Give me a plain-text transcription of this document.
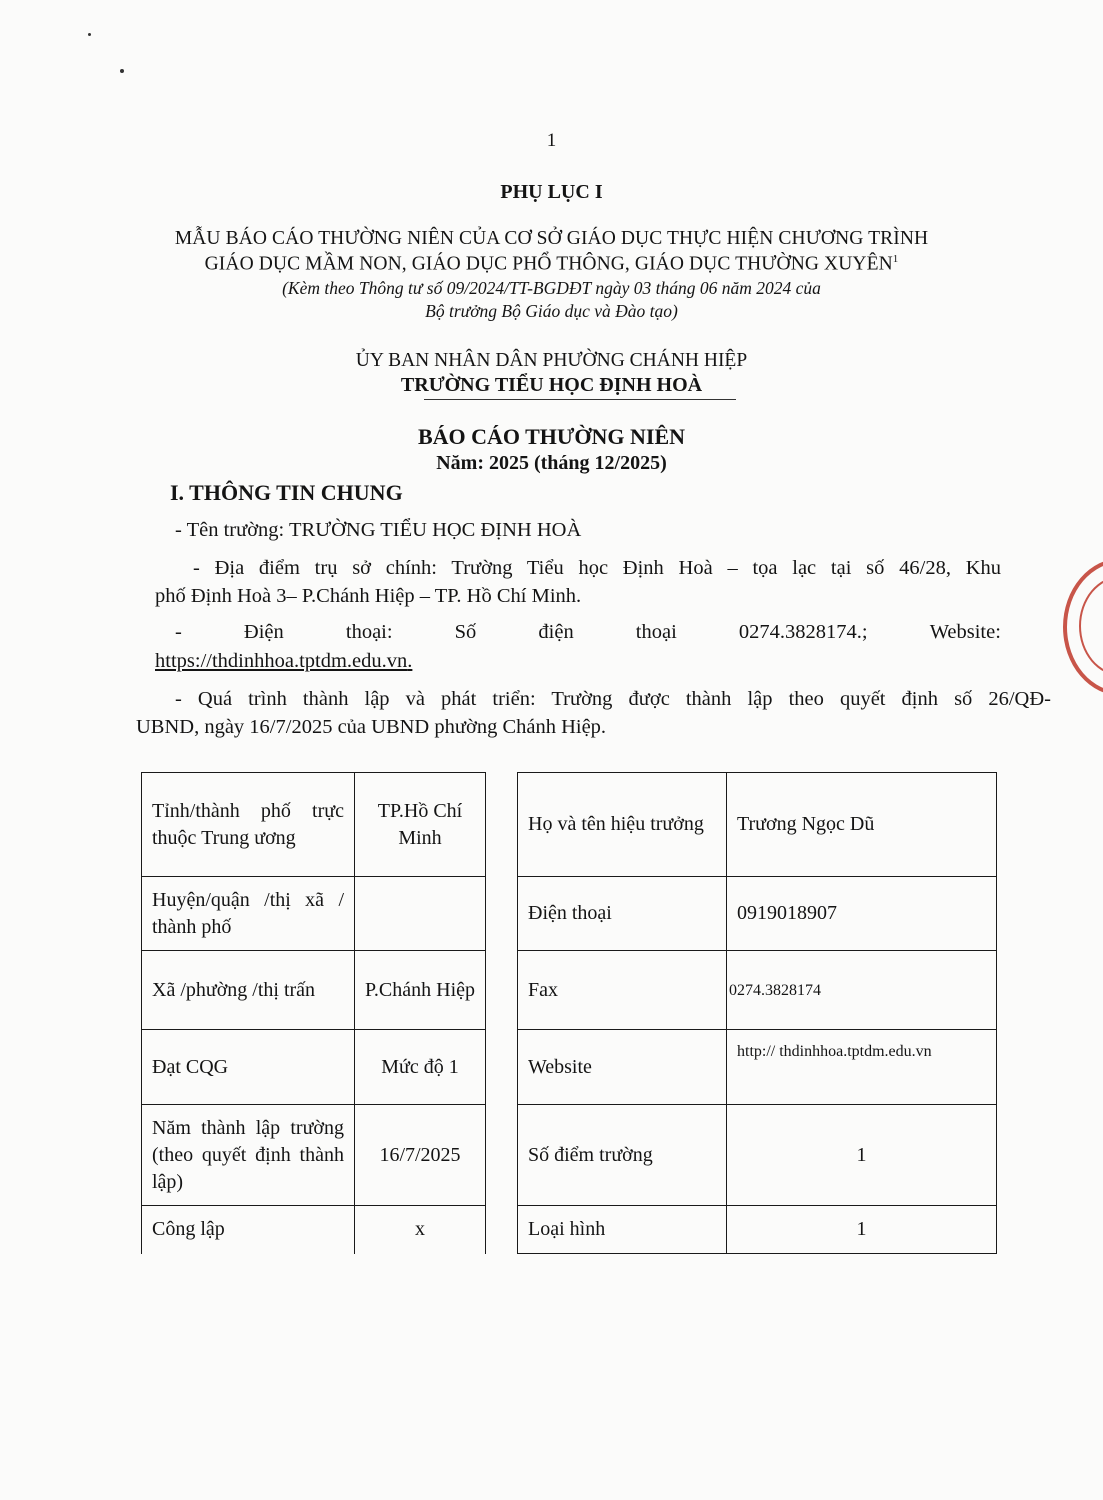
1
PHỤ LỤC I
MẪU BÁO CÁO THƯỜNG NIÊN CỦA CƠ SỞ GIÁO DỤC THỰC HIỆN CHƯƠNG TRÌNH
GIÁO DỤC MẦM NON, GIÁO DỤC PHỔ THÔNG, GIÁO DỤC THƯỜNG XUYÊN$^1$
(Kèm theo Thông tư số 09/2024/TT-BGDĐT ngày 03 tháng 06 năm 2024 của
Bộ trưởng Bộ Giáo dục và Đào tạo)
ỦY BAN NHÂN DÂN PHƯỜNG CHÁNH HIỆP
TRƯỜNG TIỂU HỌC ĐỊNH HOÀ
BÁO CÁO THƯỜNG NIÊN
Năm: 2025 (tháng 12/2025)
I. THÔNG TIN CHUNG
- Tên trường: TRƯỜNG TIỂU HỌC ĐỊNH HOÀ
- Địa điểm trụ sở chính: Trường Tiểu học Định Hoà – tọa lạc tại số 46/28, Khu
phố Định Hoà 3– P.Chánh Hiệp – TP. Hồ Chí Minh.
-	Điện	thoại:	Số	điện	thoại	0274.3828174.;	Website:
https://thdinhhoa.tptdm.edu.vn.
- Quá trình thành lập và phát triển: Trường được thành lập theo quyết định số 26/QĐ-
UBND, ngày 16/7/2025 của UBND phường Chánh Hiệp.
Tỉnh/thành phố trực thuộc Trung ương	TP.Hồ Chí Minh
Huyện/quận /thị xã / thành phố	
Xã /phường /thị trấn	P.Chánh Hiệp
Đạt CQG	Mức độ 1
Năm thành lập trường (theo quyết định thành lập)	16/7/2025
Công lập	x
Họ và tên hiệu trưởng	Trương Ngọc Dũ
Điện thoại	0919018907
Fax	0274.3828174
Website	http:// thdinhhoa.tptdm.edu.vn
Số điểm trường	1
Loại hình	1
